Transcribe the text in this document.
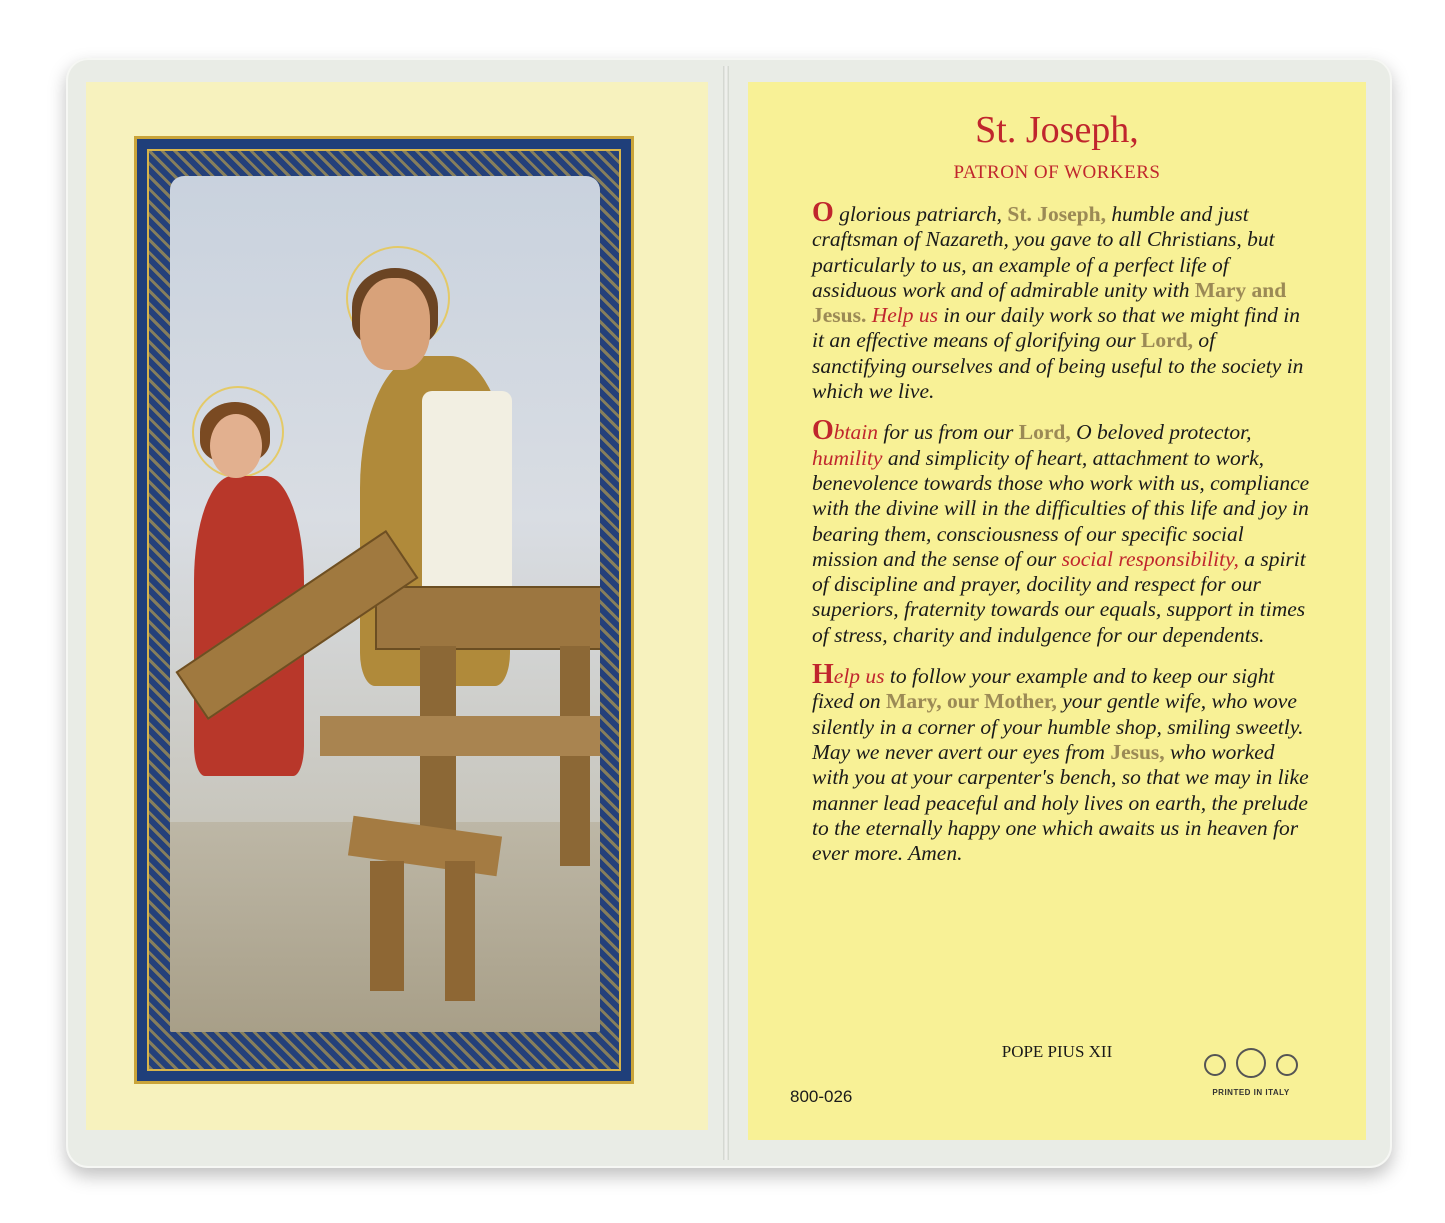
St. Joseph,
PATRON OF WORKERS

O glorious patriarch, St. Joseph, humble and just craftsman of Nazareth, you gave to all Christians, but particularly to us, an example of a perfect life of assiduous work and of admirable unity with Mary and Jesus. Help us in our daily work so that we might find in it an effective means of glorifying our Lord, of sanctifying ourselves and of being useful to the society in which we live.

Obtain for us from our Lord, O beloved protector, humility and simplicity of heart, attachment to work, benevolence towards those who work with us, compliance with the divine will in the difficulties of this life and joy in bearing them, consciousness of our specific social mission and the sense of our social responsibility, a spirit of discipline and prayer, docility and respect for our superiors, fraternity towards our equals, support in times of stress, charity and indulgence for our dependents.

Help us to follow your example and to keep our sight fixed on Mary, our Mother, your gentle wife, who wove silently in a corner of your humble shop, smiling sweetly. May we never avert our eyes from Jesus, who worked with you at your carpenter's bench, so that we may in like manner lead peaceful and holy lives on earth, the prelude to the eternally happy one which awaits us in heaven for ever more. Amen.

POPE PIUS XII
800-026	PRINTED IN ITALY
